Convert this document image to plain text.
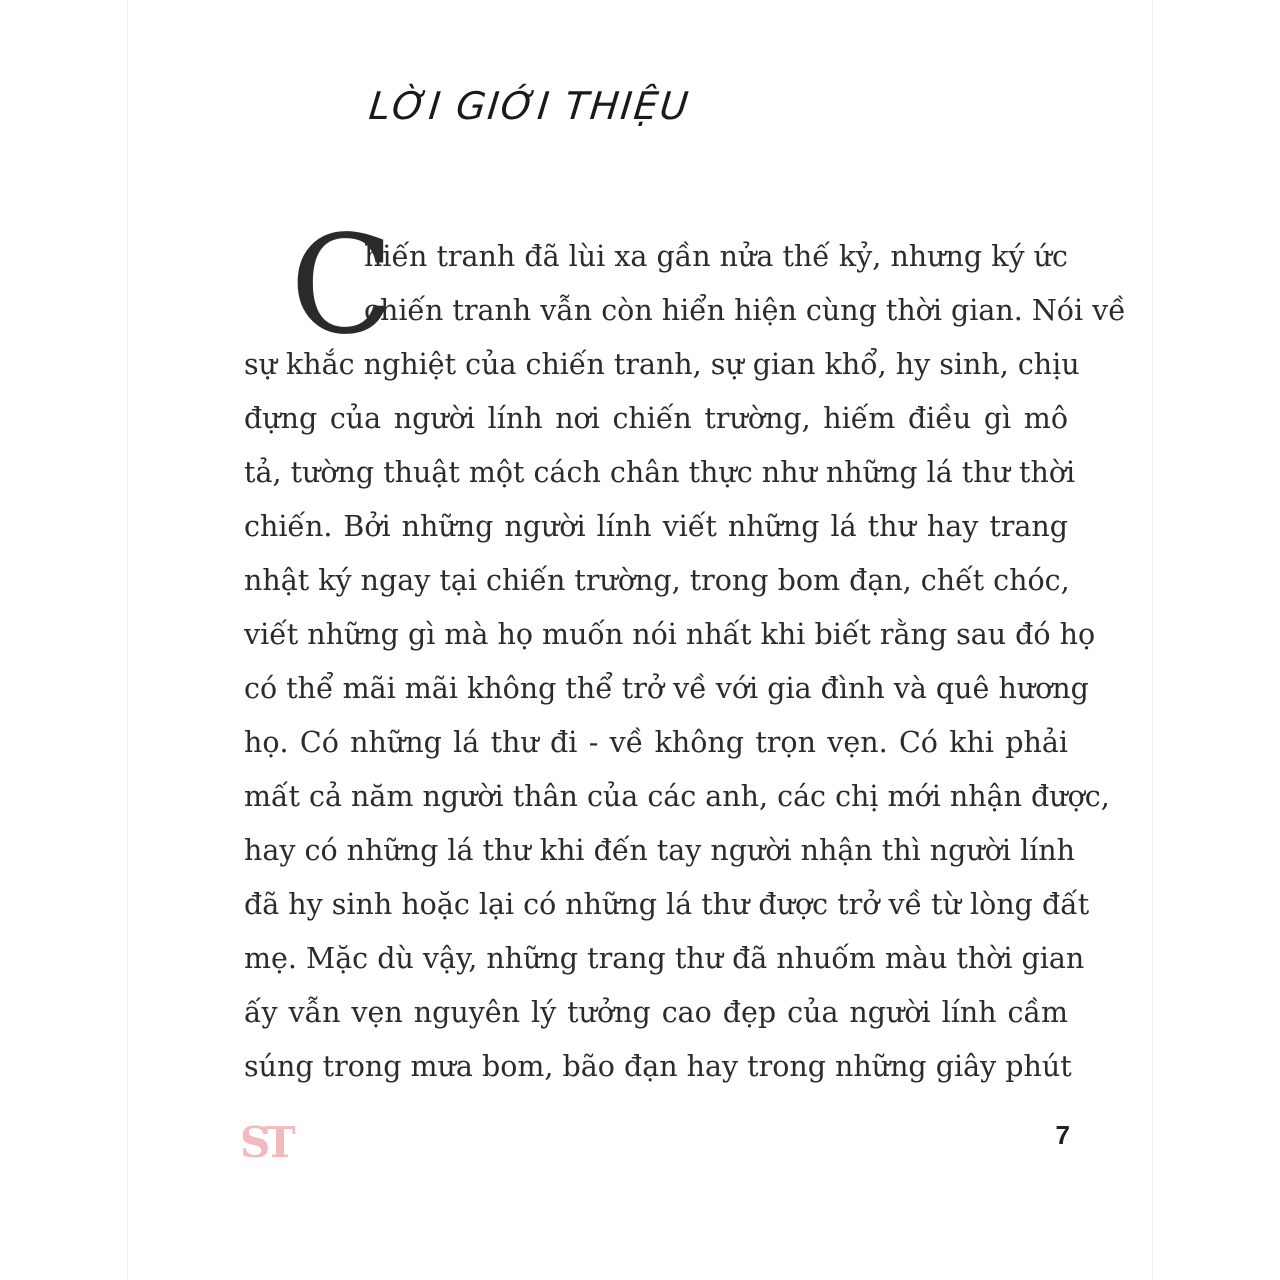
LỜI GIỚI THIỆU
C
hiến tranh đã lùi xa gần nửa thế kỷ, nhưng ký ức
chiến tranh vẫn còn hiển hiện cùng thời gian. Nói về
sự khắc nghiệt của chiến tranh, sự gian khổ, hy sinh, chịu
đựng của người lính nơi chiến trường, hiếm điều gì mô
tả, tường thuật một cách chân thực như những lá thư thời
chiến. Bởi những người lính viết những lá thư hay trang
nhật ký ngay tại chiến trường, trong bom đạn, chết chóc,
viết những gì mà họ muốn nói nhất khi biết rằng sau đó họ
có thể mãi mãi không thể trở về với gia đình và quê hương
họ. Có những lá thư đi - về không trọn vẹn. Có khi phải
mất cả năm người thân của các anh, các chị mới nhận được,
hay có những lá thư khi đến tay người nhận thì người lính
đã hy sinh hoặc lại có những lá thư được trở về từ lòng đất
mẹ. Mặc dù vậy, những trang thư đã nhuốm màu thời gian
ấy vẫn vẹn nguyên lý tưởng cao đẹp của người lính cầm
súng trong mưa bom, bão đạn hay trong những giây phút
ST	7
